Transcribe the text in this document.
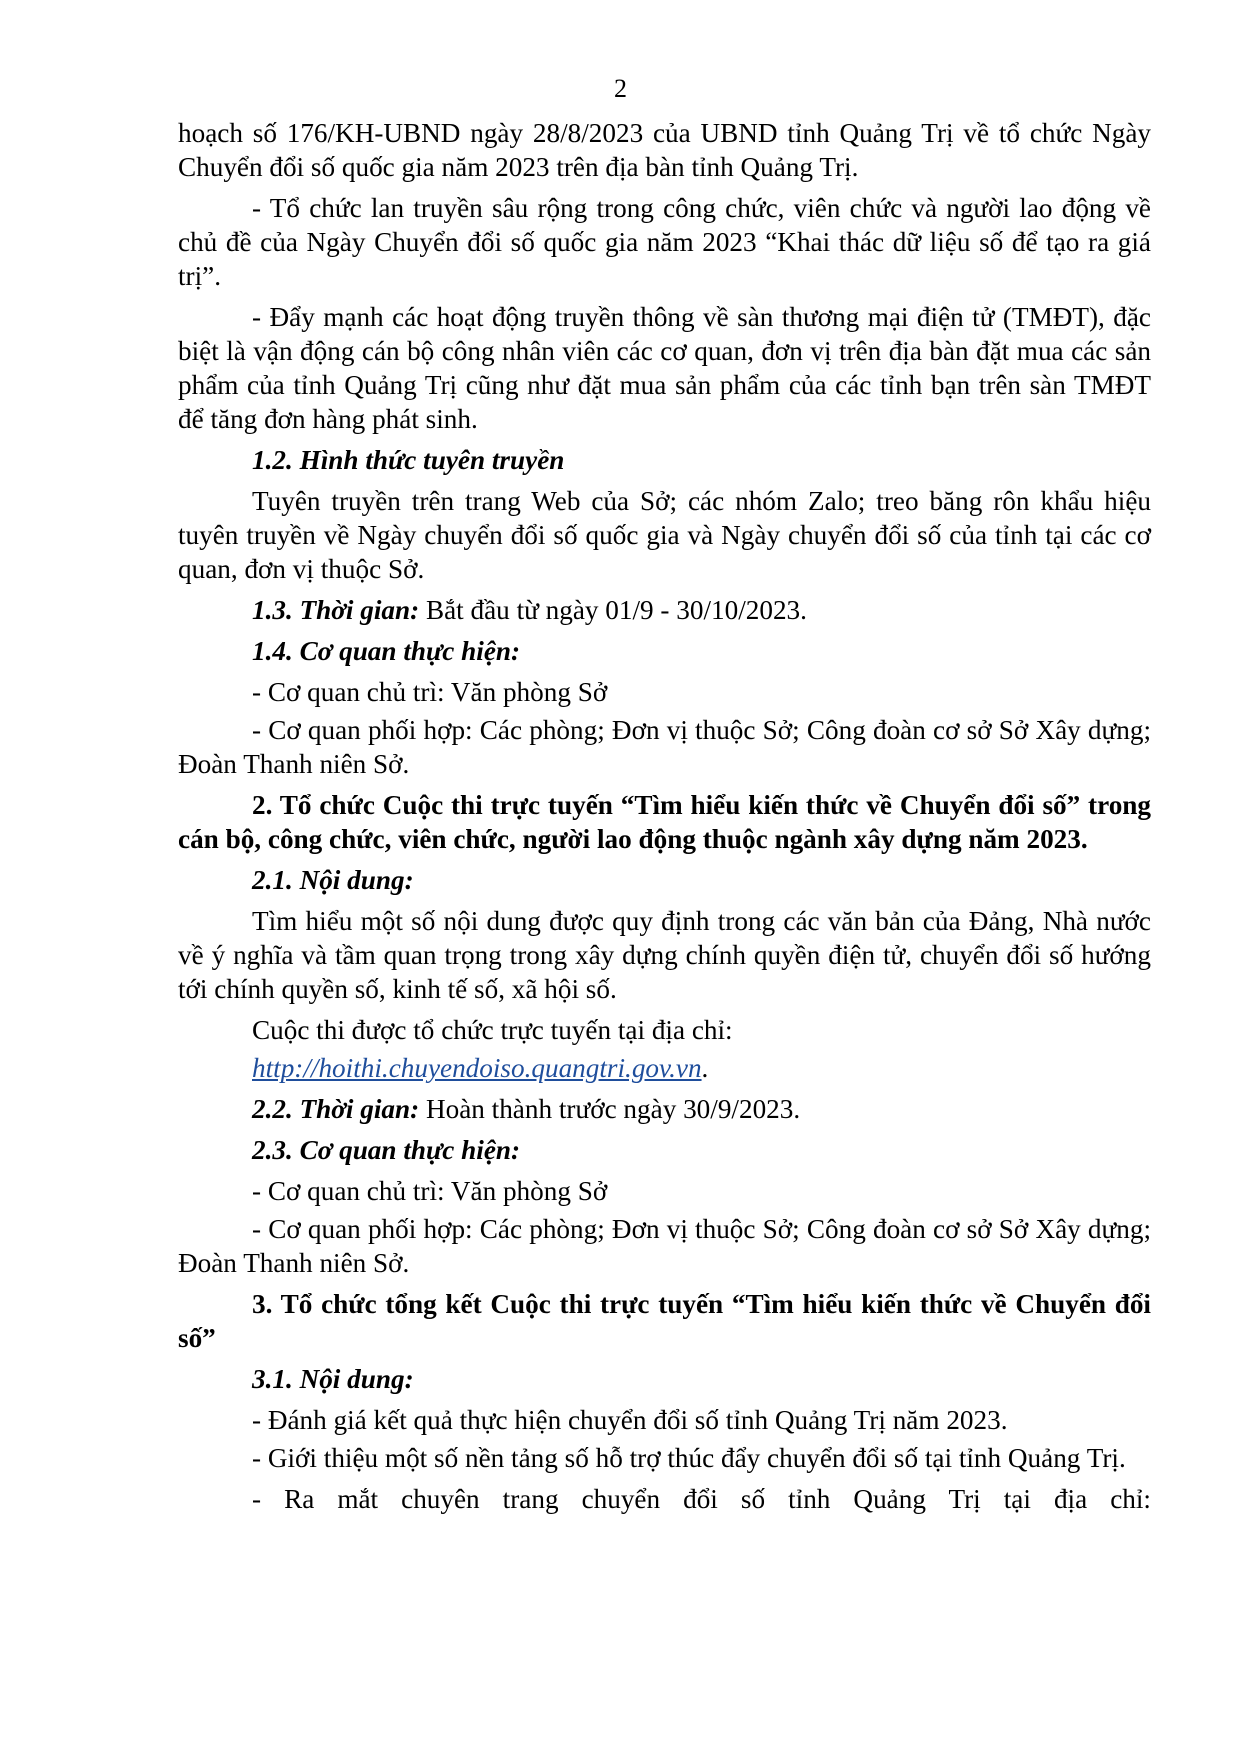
2

hoạch số 176/KH-UBND ngày 28/8/2023 của UBND tỉnh Quảng Trị về tổ chức Ngày Chuyển đổi số quốc gia năm 2023 trên địa bàn tỉnh Quảng Trị.

- Tổ chức lan truyền sâu rộng trong công chức, viên chức và người lao động về chủ đề của Ngày Chuyển đổi số quốc gia năm 2023 “Khai thác dữ liệu số để tạo ra giá trị”.

- Đẩy mạnh các hoạt động truyền thông về sàn thương mại điện tử (TMĐT), đặc biệt là vận động cán bộ công nhân viên các cơ quan, đơn vị trên địa bàn đặt mua các sản phẩm của tỉnh Quảng Trị cũng như đặt mua sản phẩm của các tỉnh bạn trên sàn TMĐT để tăng đơn hàng phát sinh.

1.2. Hình thức tuyên truyền

Tuyên truyền trên trang Web của Sở; các nhóm Zalo; treo băng rôn khẩu hiệu tuyên truyền về Ngày chuyển đổi số quốc gia và Ngày chuyển đổi số của tỉnh tại các cơ quan, đơn vị thuộc Sở.

1.3. Thời gian: Bắt đầu từ ngày 01/9 - 30/10/2023.

1.4. Cơ quan thực hiện:

- Cơ quan chủ trì: Văn phòng Sở

- Cơ quan phối hợp: Các phòng; Đơn vị thuộc Sở; Công đoàn cơ sở Sở Xây dựng; Đoàn Thanh niên Sở.

2. Tổ chức Cuộc thi trực tuyến “Tìm hiểu kiến thức về Chuyển đổi số” trong cán bộ, công chức, viên chức, người lao động thuộc ngành xây dựng năm 2023.

2.1. Nội dung:

Tìm hiểu một số nội dung được quy định trong các văn bản của Đảng, Nhà nước về ý nghĩa và tầm quan trọng trong xây dựng chính quyền điện tử, chuyển đổi số hướng tới chính quyền số, kinh tế số, xã hội số.

Cuộc thi được tổ chức trực tuyến tại địa chỉ:

http://hoithi.chuyendoiso.quangtri.gov.vn.

2.2. Thời gian: Hoàn thành trước ngày 30/9/2023.

2.3. Cơ quan thực hiện:

- Cơ quan chủ trì: Văn phòng Sở

- Cơ quan phối hợp: Các phòng; Đơn vị thuộc Sở; Công đoàn cơ sở Sở Xây dựng; Đoàn Thanh niên Sở.

3. Tổ chức tổng kết Cuộc thi trực tuyến “Tìm hiểu kiến thức về Chuyển đổi số”

3.1. Nội dung:

- Đánh giá kết quả thực hiện chuyển đổi số tỉnh Quảng Trị năm 2023.

- Giới thiệu một số nền tảng số hỗ trợ thúc đẩy chuyển đổi số tại tỉnh Quảng Trị.

- Ra mắt chuyên trang chuyển đổi số tỉnh Quảng Trị tại địa chỉ:
